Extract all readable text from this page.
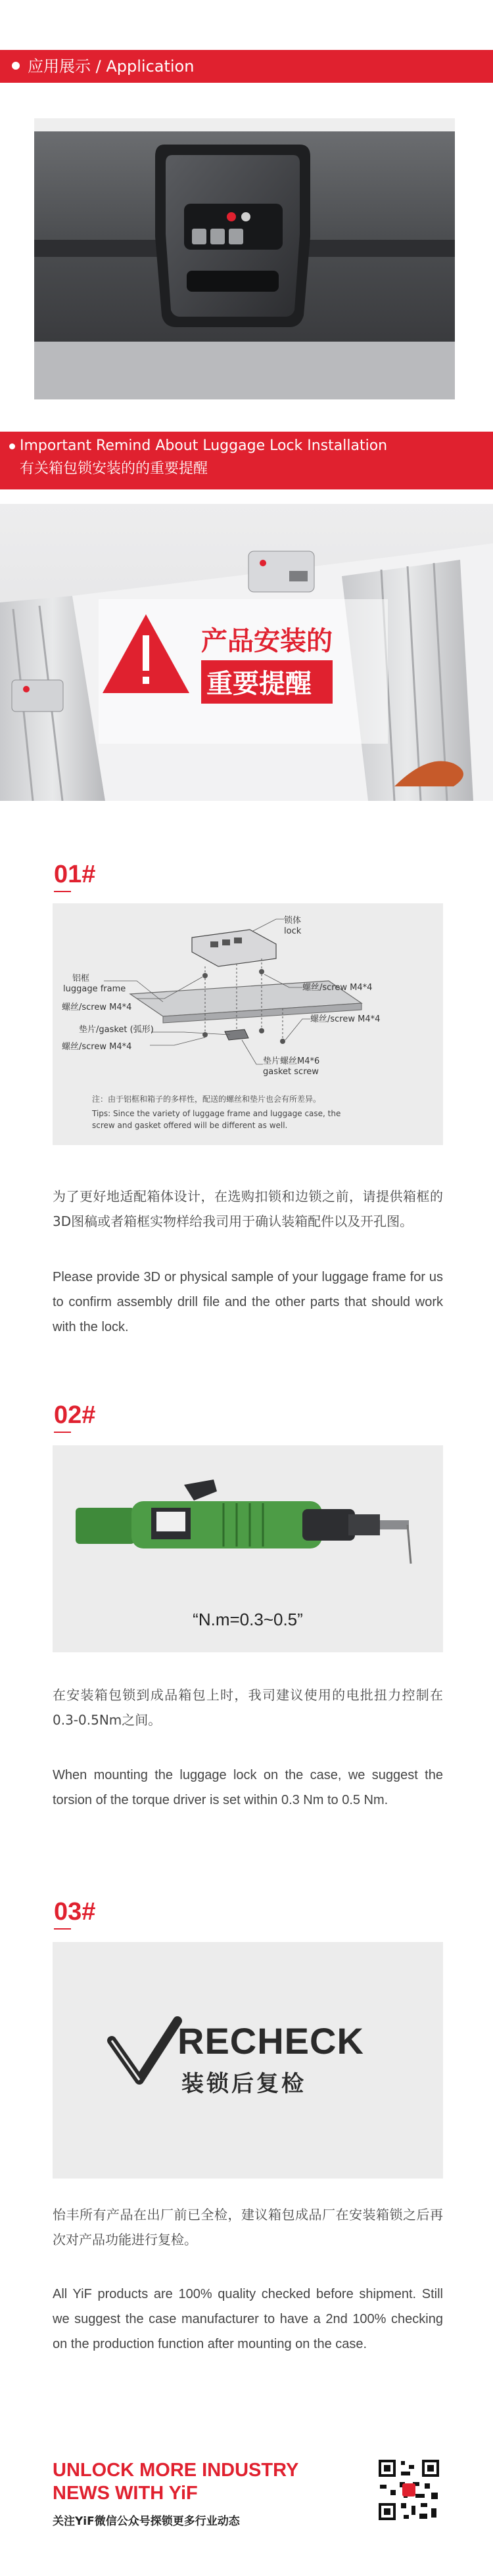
应用展示 / Application
Important Remind About Luggage Lock Installation
有关箱包锁安装的的重要提醒
产品安装的
重要提醒
01#
锁体
lock
铝框
luggage frame
螺丝/screw M4*4
螺丝/screw M4*4
垫片/gasket (弧形)
螺丝/screw M4*4
螺丝/screw M4*4
垫片螺丝M4*6
gasket screw
注：由于铝框和箱子的多样性，配送的螺丝和垫片也会有所差异。
Tips: Since the variety of luggage frame and luggage case, the
screw and gasket offered will be different as well.
为了更好地适配箱体设计，在选购扣锁和边锁之前，请提供箱框的3D图稿或者箱框实物样给我司用于确认装箱配件以及开孔图。
Please provide 3D or physical sample of your luggage frame for us to confirm assembly drill file and the other parts that should work with the lock.
02#
“N.m=0.3~0.5”
在安装箱包锁到成品箱包上时，我司建议使用的电批扭力控制在0.3-0.5Nm之间。
When mounting the luggage lock on the case, we suggest the torsion of the torque driver is set within 0.3 Nm to 0.5 Nm.
03#
RECHECK
装锁后复检
怡丰所有产品在出厂前已全检，建议箱包成品厂在安装箱锁之后再次对产品功能进行复检。
All YiF products are 100% quality checked before shipment. Still we suggest the case manufacturer to have a 2nd 100% checking on the production function after mounting on the case.
UNLOCK MORE INDUSTRY
NEWS WITH YiF
关注YiF微信公众号探锁更多行业动态
